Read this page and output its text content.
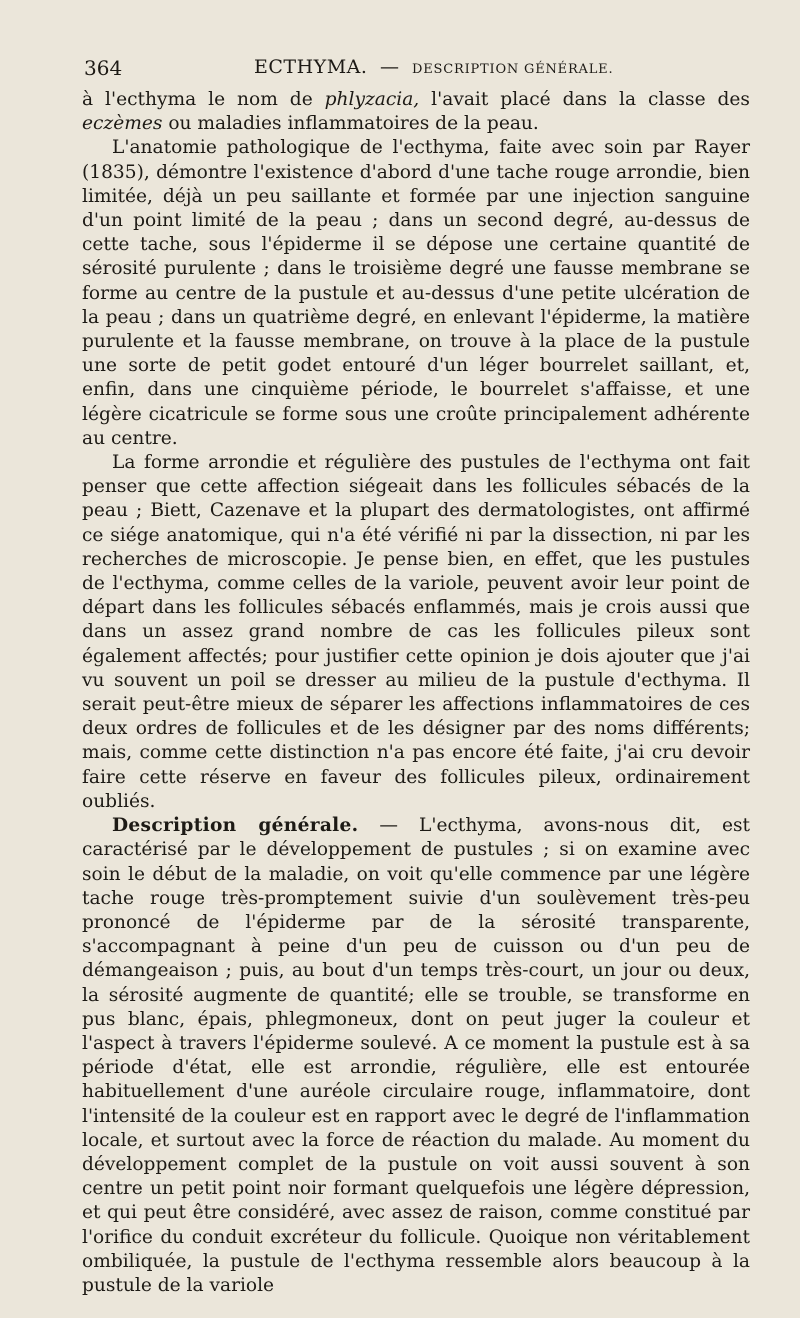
364	ECTHYMA. — DESCRIPTION GÉNÉRALE.

à l'ecthyma le nom de phlyzacia, l'avait placé dans la classe des eczèmes ou maladies inflammatoires de la peau.

L'anatomie pathologique de l'ecthyma, faite avec soin par Rayer (1835), démontre l'existence d'abord d'une tache rouge arrondie, bien limitée, déjà un peu saillante et formée par une injection sanguine d'un point limité de la peau ; dans un second degré, au-dessus de cette tache, sous l'épiderme il se dépose une certaine quantité de sérosité purulente ; dans le troisième degré une fausse membrane se forme au centre de la pustule et au-dessus d'une petite ulcération de la peau ; dans un quatrième degré, en enlevant l'épiderme, la matière purulente et la fausse membrane, on trouve à la place de la pustule une sorte de petit godet entouré d'un léger bourrelet saillant, et, enfin, dans une cinquième période, le bourrelet s'affaisse, et une légère cicatricule se forme sous une croûte principalement adhérente au centre.

La forme arrondie et régulière des pustules de l'ecthyma ont fait penser que cette affection siégeait dans les follicules sébacés de la peau ; Biett, Cazenave et la plupart des dermatologistes, ont affirmé ce siége anatomique, qui n'a été vérifié ni par la dissection, ni par les recherches de microscopie. Je pense bien, en effet, que les pustules de l'ecthyma, comme celles de la variole, peuvent avoir leur point de départ dans les follicules sébacés enflammés, mais je crois aussi que dans un assez grand nombre de cas les follicules pileux sont également affectés; pour justifier cette opinion je dois ajouter que j'ai vu souvent un poil se dresser au milieu de la pustule d'ecthyma. Il serait peut-être mieux de séparer les affections inflammatoires de ces deux ordres de follicules et de les désigner par des noms différents; mais, comme cette distinction n'a pas encore été faite, j'ai cru devoir faire cette réserve en faveur des follicules pileux, ordinairement oubliés.

Description générale. — L'ecthyma, avons-nous dit, est caractérisé par le développement de pustules ; si on examine avec soin le début de la maladie, on voit qu'elle commence par une légère tache rouge très-promptement suivie d'un soulèvement très-peu prononcé de l'épiderme par de la sérosité transparente, s'accompagnant à peine d'un peu de cuisson ou d'un peu de démangeaison ; puis, au bout d'un temps très-court, un jour ou deux, la sérosité augmente de quantité; elle se trouble, se transforme en pus blanc, épais, phlegmoneux, dont on peut juger la couleur et l'aspect à travers l'épiderme soulevé. A ce moment la pustule est à sa période d'état, elle est arrondie, régulière, elle est entourée habituellement d'une auréole circulaire rouge, inflammatoire, dont l'intensité de la couleur est en rapport avec le degré de l'inflammation locale, et surtout avec la force de réaction du malade. Au moment du développement complet de la pustule on voit aussi souvent à son centre un petit point noir formant quelquefois une légère dépression, et qui peut être considéré, avec assez de raison, comme constitué par l'orifice du conduit excréteur du follicule. Quoique non véritablement ombiliquée, la pustule de l'ecthyma ressemble alors beaucoup à la pustule de la variole
